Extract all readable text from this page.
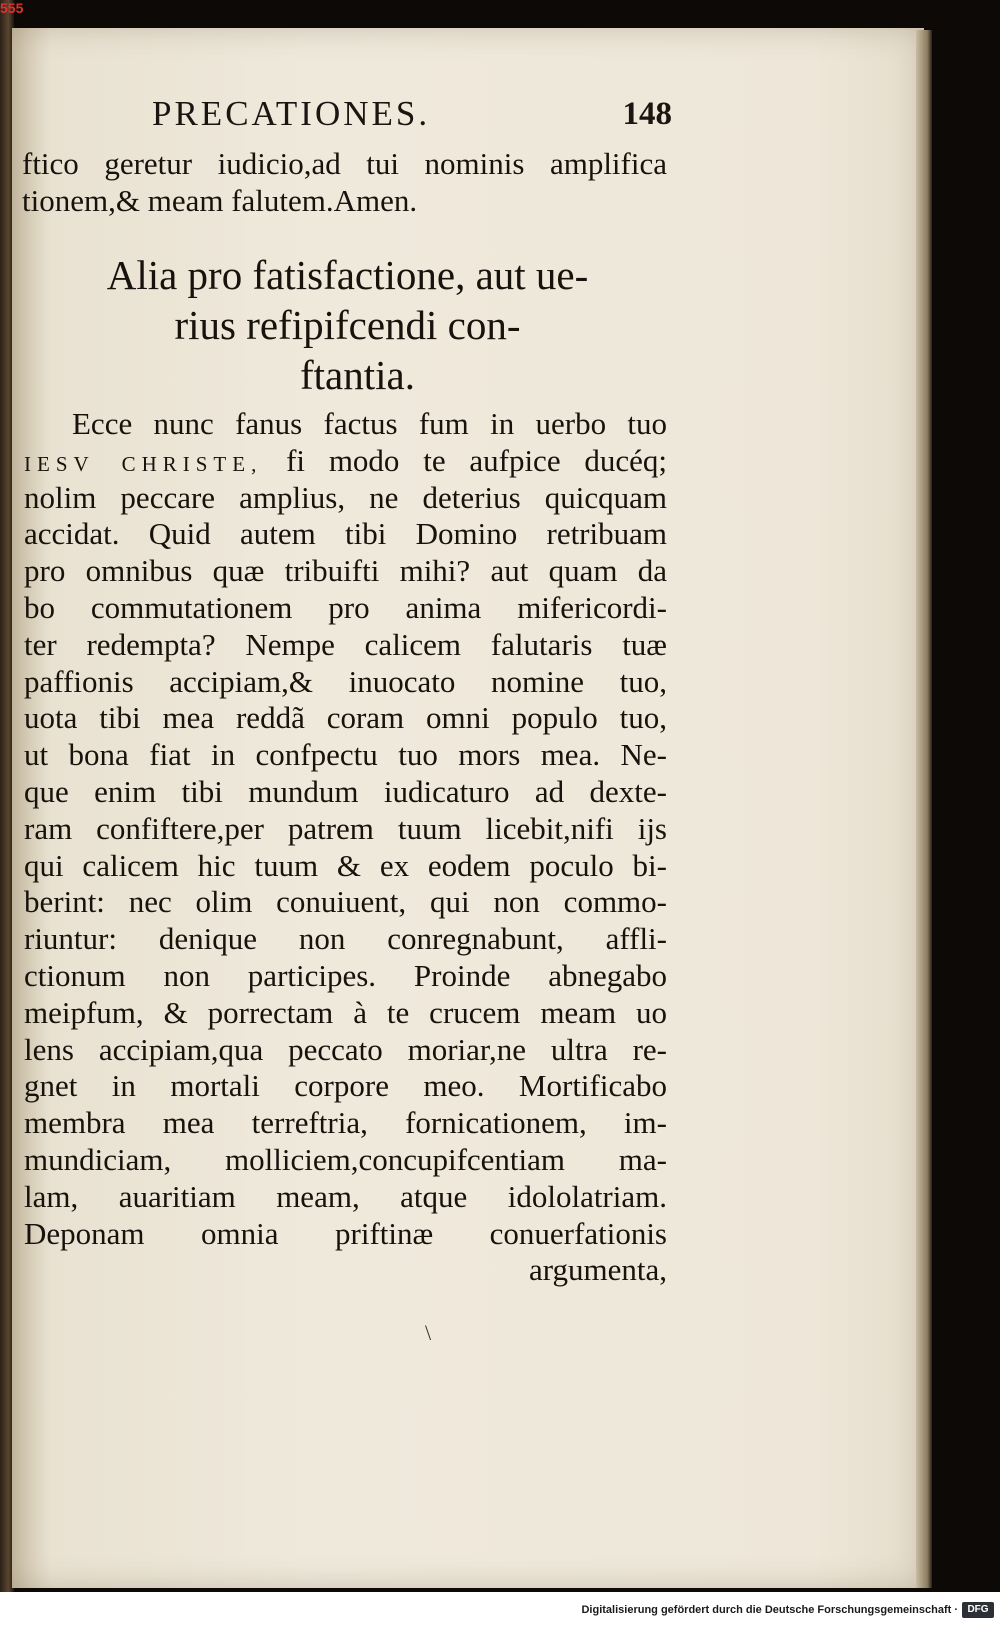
555
PRECATIONES.	148
ftico geretur iudicio,ad tui nominis amplifica
tionem,& meam falutem.Amen.
Alia pro fatisfactione, aut ue-
rius refipifcendi con-
ftantia.
Ecce nunc fanus factus fum in uerbo tuo
IESV CHRISTE, fi modo te aufpice ducéq;
nolim peccare amplius, ne deterius quicquam
accidat. Quid autem tibi Domino retribuam
pro omnibus quæ tribuifti mihi? aut quam da
bo commutationem pro anima mifericordi-
ter redempta? Nempe calicem falutaris tuæ
paffionis accipiam,& inuocato nomine tuo,
uota tibi mea reddã coram omni populo tuo,
ut bona fiat in confpectu tuo mors mea. Ne-
que enim tibi mundum iudicaturo ad dexte-
ram confiftere,per patrem tuum licebit,nifi ijs
qui calicem hic tuum & ex eodem poculo bi-
berint: nec olim conuiuent, qui non commo-
riuntur: denique non conregnabunt, affli-
ctionum non participes. Proinde abnegabo
meipfum, & porrectam à te crucem meam uo
lens accipiam,qua peccato moriar,ne ultra re-
gnet in mortali corpore meo. Mortificabo
membra mea terreftria, fornicationem, im-
mundiciam, molliciem,concupifcentiam ma-
lam, auaritiam meam, atque idololatriam.
Deponam omnia priftinæ conuerfationis
argumenta,
\
Digitalisierung gefördert durch die Deutsche Forschungsgemeinschaft · DFG
